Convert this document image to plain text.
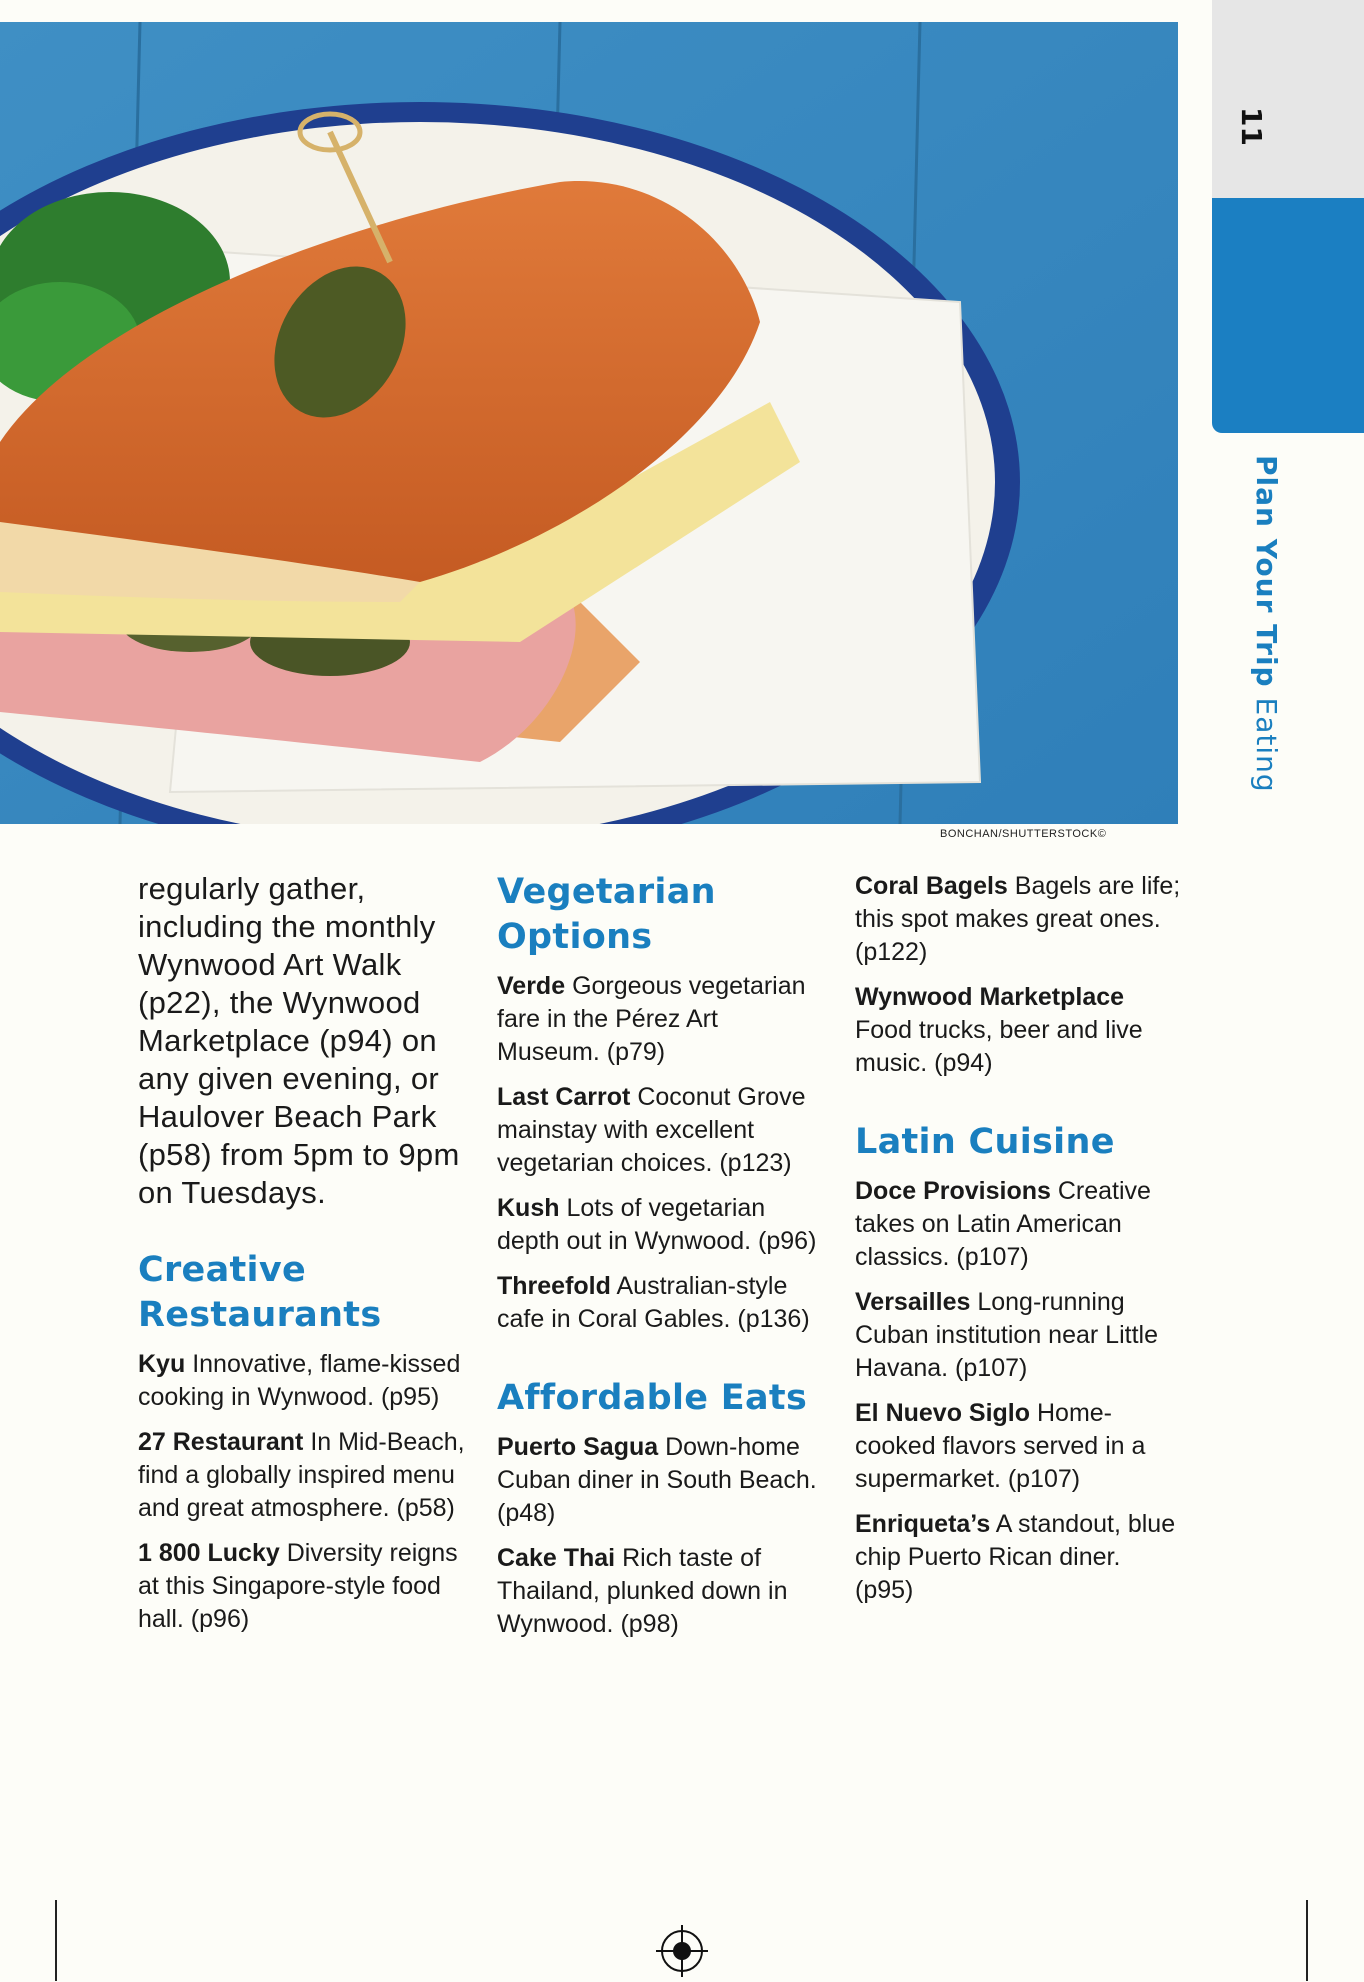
BONCHAN/SHUTTERSTOCK©
11
Plan Your Trip Eating

regularly gather, including the monthly Wynwood Art Walk (p22), the Wynwood Marketplace (p94) on any given evening, or Haulover Beach Park (p58) from 5pm to 9pm on Tuesdays.

Creative Restaurants

Kyu Innovative, flame-kissed cooking in Wynwood. (p95)

27 Restaurant In Mid-Beach, find a globally inspired menu and great atmosphere. (p58)

1 800 Lucky Diversity reigns at this Singapore-style food hall. (p96)

Vegetarian Options

Verde Gorgeous vegetarian fare in the Pérez Art Museum. (p79)

Last Carrot Coconut Grove mainstay with excellent vegetarian choices. (p123)

Kush Lots of vegetarian depth out in Wynwood. (p96)

Threefold Australian-style cafe in Coral Gables. (p136)

Affordable Eats

Puerto Sagua Down-home Cuban diner in South Beach. (p48)

Cake Thai Rich taste of Thailand, plunked down in Wynwood. (p98)

Coral Bagels Bagels are life; this spot makes great ones. (p122)

Wynwood Marketplace Food trucks, beer and live music. (p94)

Latin Cuisine

Doce Provisions Creative takes on Latin American classics. (p107)

Versailles Long-running Cuban institution near Little Havana. (p107)

El Nuevo Siglo Home-cooked flavors served in a supermarket. (p107)

Enriqueta’s A standout, blue chip Puerto Rican diner. (p95)
